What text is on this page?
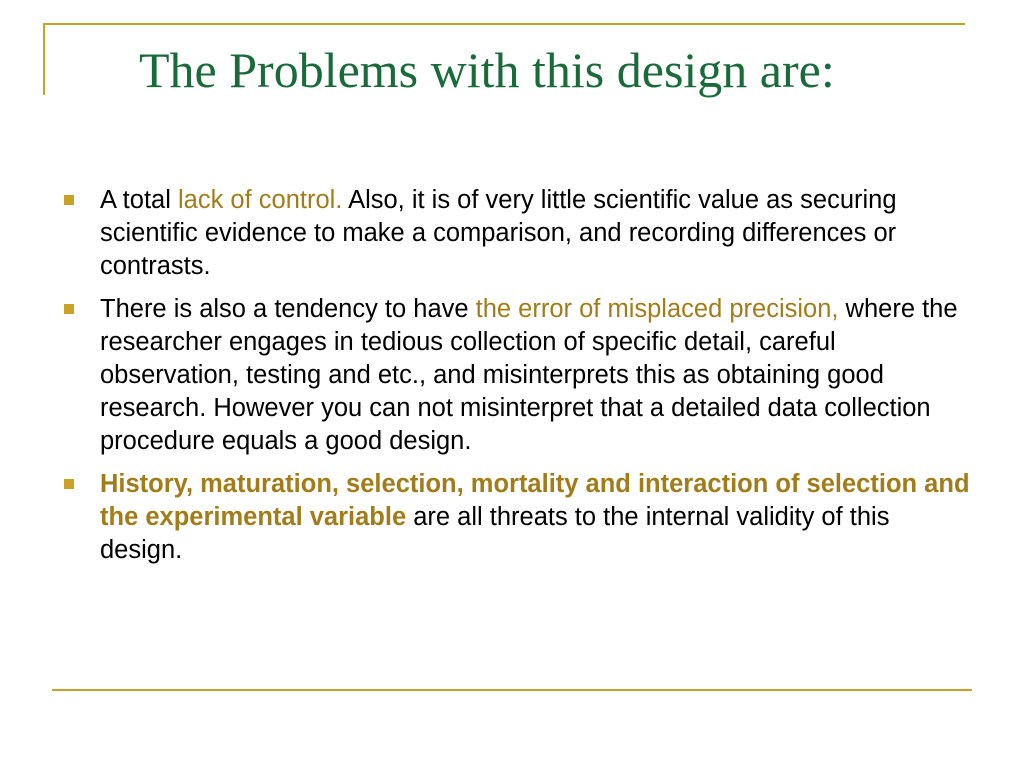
The Problems with this design are:
A total lack of control. Also, it is of very little scientific value as securing scientific evidence to make a comparison, and recording differences or contrasts.
There is also a tendency to have the error of misplaced precision, where the researcher engages in tedious collection of specific detail, careful observation, testing and etc., and misinterprets this as obtaining good research. However you can not misinterpret that a detailed data collection procedure equals a good design.
History, maturation, selection, mortality and interaction of selection and the experimental variable are all threats to the internal validity of this design.
